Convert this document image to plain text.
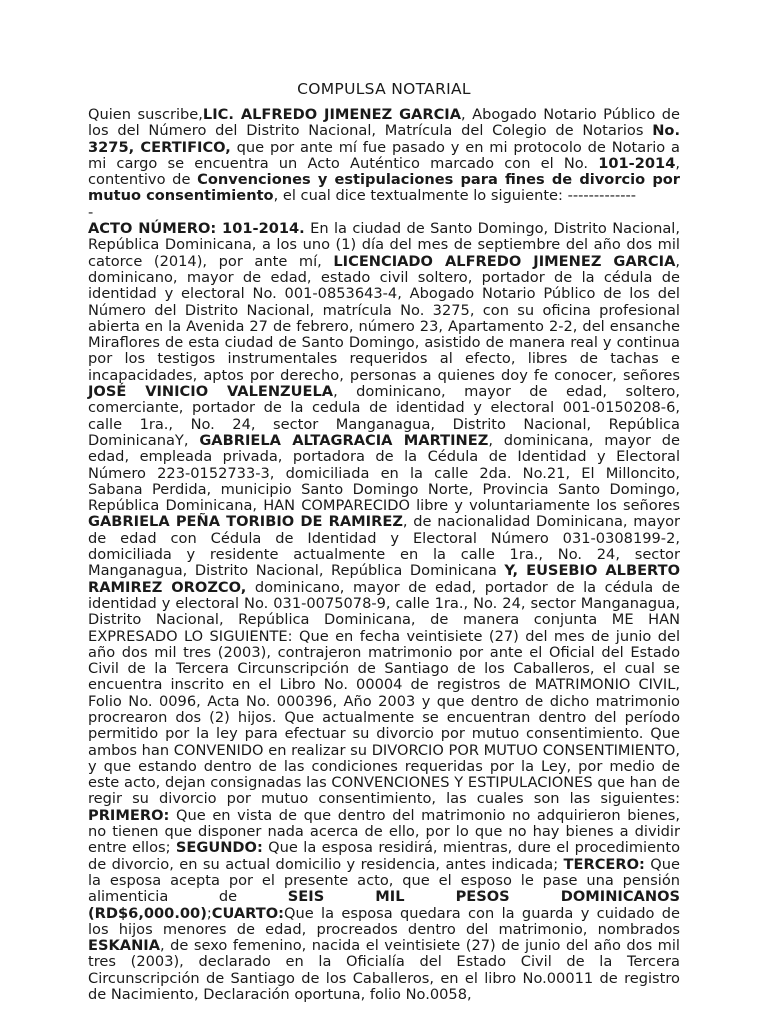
COMPULSA NOTARIAL

Quien suscribe,LIC. ALFREDO JIMENEZ GARCIA, Abogado Notario Público de los del Número del Distrito Nacional, Matrícula del Colegio de Notarios No. 3275, CERTIFICO, que por ante mí fue pasado y en mi protocolo de Notario a mi cargo se encuentra un Acto Auténtico marcado con el No. 101-2014, contentivo de Convenciones y estipulaciones para fines de divorcio por mutuo consentimiento, el cual dice textualmente lo siguiente: -------------

-

ACTO NÚMERO: 101-2014. En la ciudad de Santo Domingo, Distrito Nacional, República Dominicana, a los uno (1) día del mes de septiembre del año dos mil catorce (2014), por ante mí, LICENCIADO ALFREDO JIMENEZ GARCIA, dominicano, mayor de edad, estado civil soltero, portador de la cédula de identidad y electoral No. 001-0853643-4, Abogado Notario Público de los del Número del Distrito Nacional, matrícula No. 3275, con su oficina profesional abierta en la Avenida 27 de febrero, número 23, Apartamento 2-2, del ensanche Miraflores de esta ciudad de Santo Domingo, asistido de manera real y continua por los testigos instrumentales requeridos al efecto, libres de tachas e incapacidades, aptos por derecho, personas a quienes doy fe conocer, señores JOSÉ VINICIO VALENZUELA, dominicano, mayor de edad, soltero, comerciante, portador de la cedula de identidad y electoral 001-0150208-6, calle 1ra., No. 24, sector Manganagua, Distrito Nacional, República DominicanaY, GABRIELA ALTAGRACIA MARTINEZ, dominicana, mayor de edad, empleada privada, portadora de la Cédula de Identidad y Electoral Número 223-0152733-3, domiciliada en la calle 2da. No.21, El Milloncito, Sabana Perdida, municipio Santo Domingo Norte, Provincia Santo Domingo, República Dominicana, HAN COMPARECIDO libre y voluntariamente los señores GABRIELA PEÑA TORIBIO DE RAMIREZ, de nacionalidad Dominicana, mayor de edad con Cédula de Identidad y Electoral Número 031-0308199-2, domiciliada y residente actualmente en la calle 1ra., No. 24, sector Manganagua, Distrito Nacional, República Dominicana Y, EUSEBIO ALBERTO RAMIREZ OROZCO, dominicano, mayor de edad, portador de la cédula de identidad y electoral No. 031-0075078-9, calle 1ra., No. 24, sector Manganagua, Distrito Nacional, República Dominicana, de manera conjunta ME HAN EXPRESADO LO SIGUIENTE: Que en fecha veintisiete (27) del mes de junio del año dos mil tres (2003), contrajeron matrimonio por ante el Oficial del Estado Civil de la Tercera Circunscripción de Santiago de los Caballeros, el cual se encuentra inscrito en el Libro No. 00004 de registros de MATRIMONIO CIVIL, Folio No. 0096, Acta No. 000396, Año 2003 y que dentro de dicho matrimonio procrearon dos (2) hijos. Que actualmente se encuentran dentro del período permitido por la ley para efectuar su divorcio por mutuo consentimiento. Que ambos han CONVENIDO en realizar su DIVORCIO POR MUTUO CONSENTIMIENTO, y que estando dentro de las condiciones requeridas por la Ley, por medio de este acto, dejan consignadas las CONVENCIONES Y ESTIPULACIONES que han de regir su divorcio por mutuo consentimiento, las cuales son las siguientes: PRIMERO: Que en vista de que dentro del matrimonio no adquirieron bienes, no tienen que disponer nada acerca de ello, por lo que no hay bienes a dividir entre ellos; SEGUNDO: Que la esposa residirá, mientras, dure el procedimiento de divorcio, en su actual domicilio y residencia, antes indicada; TERCERO: Que la esposa acepta por el presente acto, que el esposo le pase una pensión alimenticia de SEIS MIL PESOS DOMINICANOS (RD$6,000.00);CUARTO:Que la esposa quedara con la guarda y cuidado de los hijos menores de edad, procreados dentro del matrimonio, nombrados ESKANIA, de sexo femenino, nacida el veintisiete (27) de junio del año dos mil tres (2003), declarado en la Oficialía del Estado Civil de la Tercera Circunscripción de Santiago de los Caballeros, en el libro No.00011 de registro de Nacimiento, Declaración oportuna, folio No.0058,
